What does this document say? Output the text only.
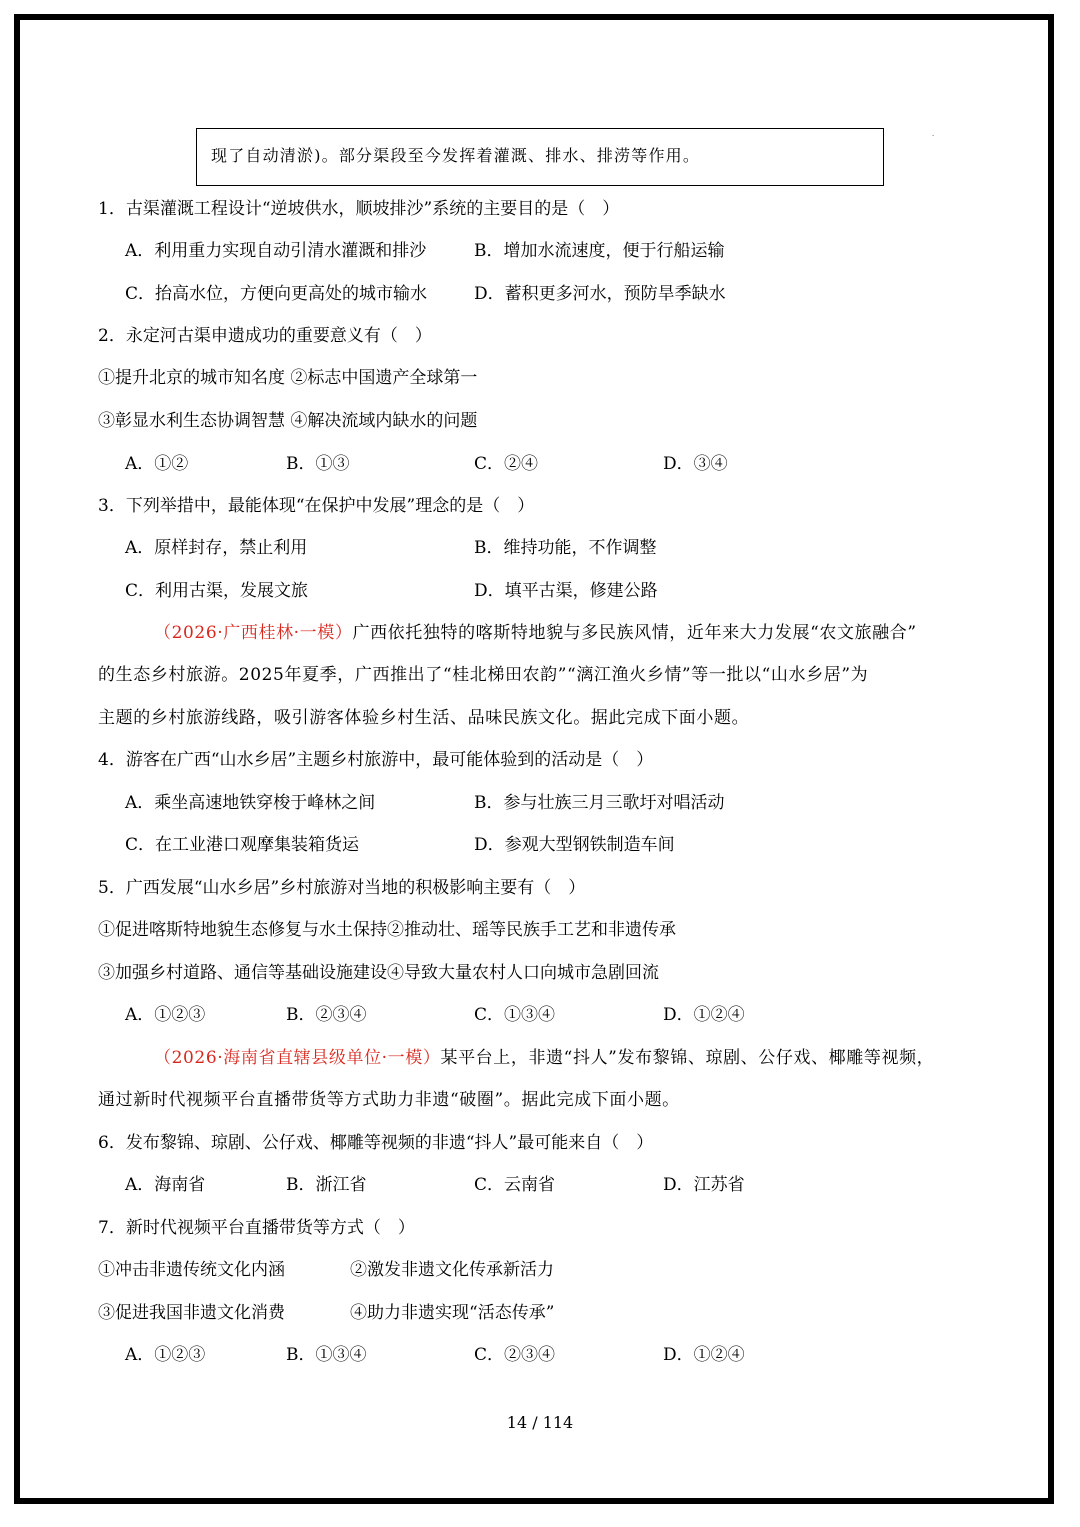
现了自动清淤)。部分渠段至今发挥着灌溉、排水、排涝等作用。
·
1．古渠灌溉工程设计“逆坡供水，顺坡排沙”系统的主要目的是（　）
A．利用重力实现自动引清水灌溉和排沙	B．增加水流速度，便于行船运输
C．抬高水位，方便向更高处的城市输水	D．蓄积更多河水，预防旱季缺水
2．永定河古渠申遗成功的重要意义有（　）
①提升北京的城市知名度 ②标志中国遗产全球第一
③彰显水利生态协调智慧 ④解决流域内缺水的问题
A．①②	B．①③	C．②④	D．③④
3．下列举措中，最能体现“在保护中发展”理念的是（　）
A．原样封存，禁止利用	B．维持功能，不作调整
C．利用古渠，发展文旅	D．填平古渠，修建公路
（2026·广西桂林·一模）广西依托独特的喀斯特地貌与多民族风情，近年来大力发展“农文旅融合”
的生态乡村旅游。2025年夏季，广西推出了“桂北梯田农韵”“漓江渔火乡情”等一批以“山水乡居”为
主题的乡村旅游线路，吸引游客体验乡村生活、品味民族文化。据此完成下面小题。
4．游客在广西“山水乡居”主题乡村旅游中，最可能体验到的活动是（　）
A．乘坐高速地铁穿梭于峰林之间	B．参与壮族三月三歌圩对唱活动
C．在工业港口观摩集装箱货运	D．参观大型钢铁制造车间
5．广西发展“山水乡居”乡村旅游对当地的积极影响主要有（　）
①促进喀斯特地貌生态修复与水土保持②推动壮、瑶等民族手工艺和非遗传承
③加强乡村道路、通信等基础设施建设④导致大量农村人口向城市急剧回流
A．①②③	B．②③④	C．①③④	D．①②④
（2026·海南省直辖县级单位·一模）某平台上，非遗“抖人”发布黎锦、琼剧、公仔戏、椰雕等视频，
通过新时代视频平台直播带货等方式助力非遗“破圈”。据此完成下面小题。
6．发布黎锦、琼剧、公仔戏、椰雕等视频的非遗“抖人”最可能来自（　）
A．海南省	B．浙江省	C．云南省	D．江苏省
7．新时代视频平台直播带货等方式（　）
①冲击非遗传统文化内涵	②激发非遗文化传承新活力
③促进我国非遗文化消费	④助力非遗实现“活态传承”
A．①②③	B．①③④	C．②③④	D．①②④
14 / 114
